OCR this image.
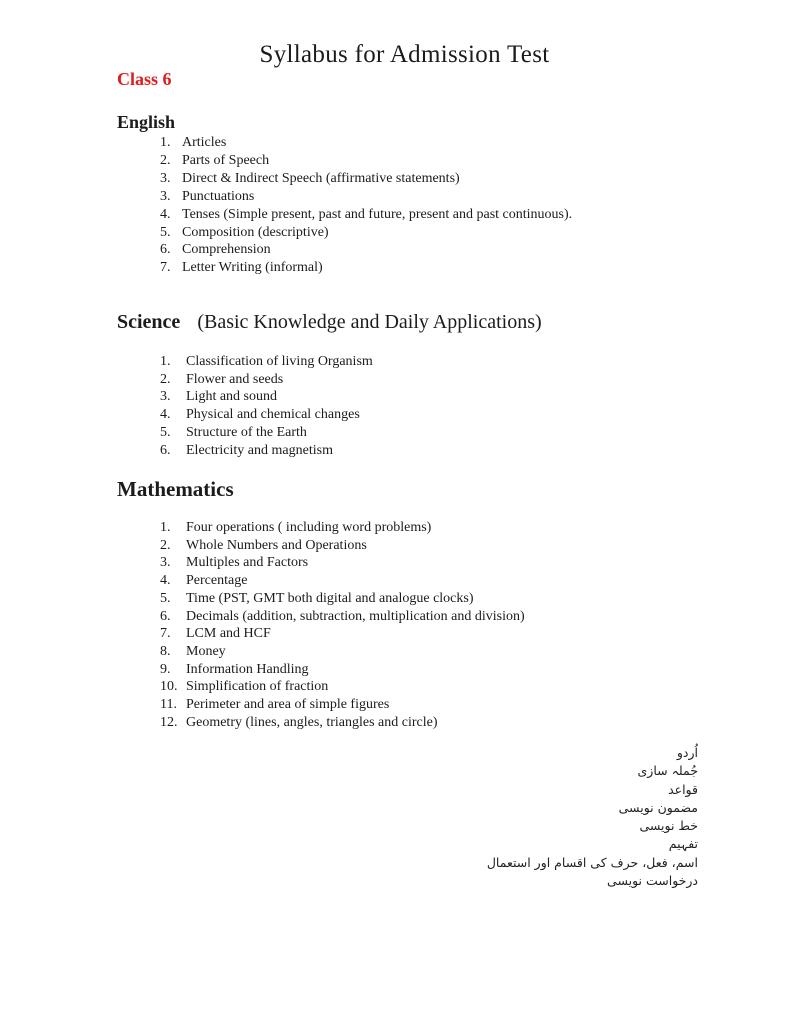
Syllabus for Admission Test
Class 6
English
1. Articles
2. Parts of Speech
3. Direct & Indirect Speech (affirmative statements)
3. Punctuations
4. Tenses (Simple present, past and future, present and past continuous).
5. Composition (descriptive)
6. Comprehension
7. Letter Writing (informal)
Science (Basic Knowledge and Daily Applications)
1.	Classification of living Organism
2.	Flower and seeds
3.	Light and sound
4.	Physical and chemical changes
5.	Structure of the Earth
6.	Electricity and magnetism
Mathematics
1.	Four operations ( including word problems)
2.	Whole Numbers and Operations
3.	Multiples and Factors
4.	Percentage
5.	Time (PST, GMT both digital and analogue clocks)
6.	Decimals (addition, subtraction, multiplication and division)
7.	LCM and HCF
8.	Money
9.	Information Handling
10. Simplification of fraction
11. Perimeter and area of simple figures
12. Geometry (lines, angles, triangles and circle)
اُردو
جُملہ سازی
قواعد
مضمون نویسی
خط نویسی
تفہیم
اسم، فعل، حرف کی اقسام اور استعمال
درخواست نویسی
